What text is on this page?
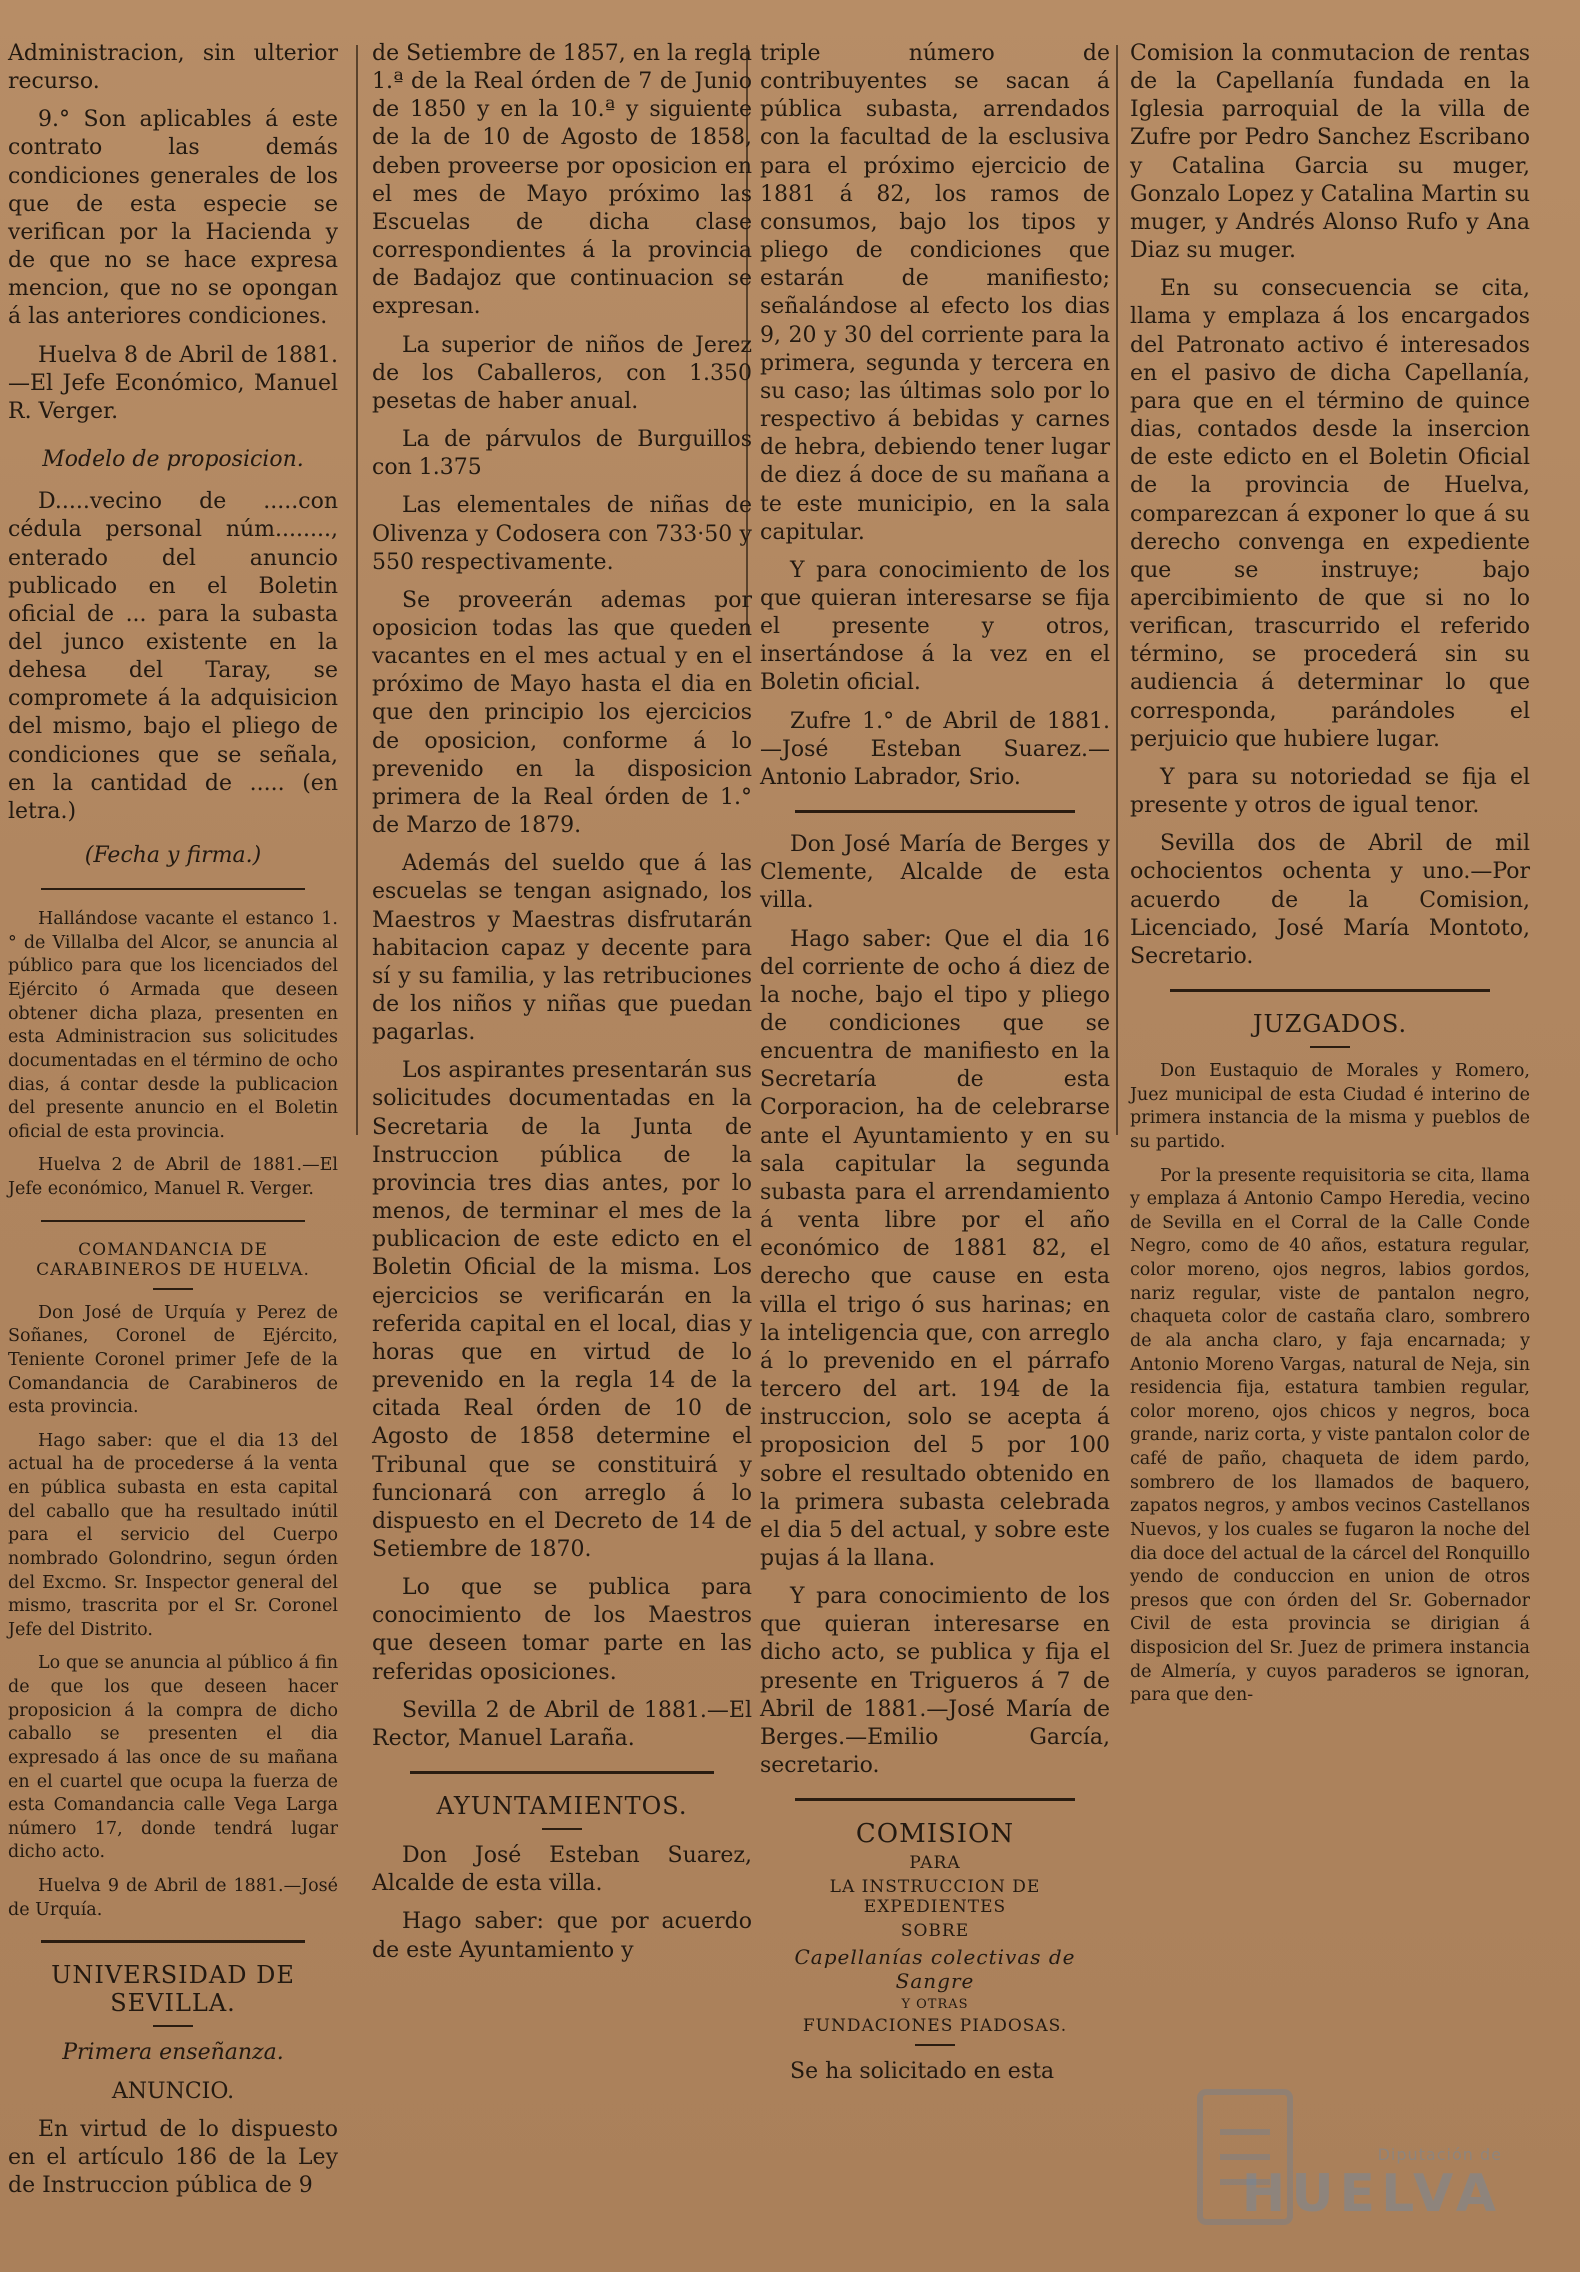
Administracion, sin ulterior recurso.

9.° Son aplicables á este contrato las demás condiciones generales de los que de esta especie se verifican por la Hacienda y de que no se hace expresa mencion, que no se opongan á las anteriores condiciones.

Huelva 8 de Abril de 1881.—El Jefe Económico, Manuel R. Verger.

Modelo de proposicion.

D.....vecino de .....con cédula personal núm........, enterado del anuncio publicado en el Boletin oficial de ... para la subasta del junco existente en la dehesa del Taray, se compromete á la adquisicion del mismo, bajo el pliego de condiciones que se señala, en la cantidad de ..... (en letra.)

(Fecha y firma.)

Hallándose vacante el estanco 1.° de Villalba del Alcor, se anuncia al público para que los licenciados del Ejército ó Armada que deseen obtener dicha plaza, presenten en esta Administracion sus solicitudes documentadas en el término de ocho dias, á contar desde la publicacion del presente anuncio en el Boletin oficial de esta provincia.

Huelva 2 de Abril de 1881.—El Jefe económico, Manuel R. Verger.

COMANDANCIA DE CARABINEROS DE HUELVA.

Don José de Urquía y Perez de Soñanes, Coronel de Ejército, Teniente Coronel primer Jefe de la Comandancia de Carabineros de esta provincia.

Hago saber: que el dia 13 del actual ha de procederse á la venta en pública subasta en esta capital del caballo que ha resultado inútil para el servicio del Cuerpo nombrado Golondrino, segun órden del Excmo. Sr. Inspector general del mismo, trascrita por el Sr. Coronel Jefe del Distrito.

Lo que se anuncia al público á fin de que los que deseen hacer proposicion á la compra de dicho caballo se presenten el dia expresado á las once de su mañana en el cuartel que ocupa la fuerza de esta Comandancia calle Vega Larga número 17, donde tendrá lugar dicho acto.

Huelva 9 de Abril de 1881.—José de Urquía.

UNIVERSIDAD DE SEVILLA.

Primera enseñanza.

ANUNCIO.

En virtud de lo dispuesto en el artículo 186 de la Ley de Instruccion pública de 9

de Setiembre de 1857, en la regla 1.ª de la Real órden de 7 de Junio de 1850 y en la 10.ª y siguiente de la de 10 de Agosto de 1858, deben proveerse por oposicion en el mes de Mayo próximo las Escuelas de dicha clase correspondientes á la provincia de Badajoz que continuacion se expresan.

La superior de niños de Jerez de los Caballeros, con 1.350 pesetas de haber anual.

La de párvulos de Burguillos con 1.375

Las elementales de niñas de Olivenza y Codosera con 733·50 y 550 respectivamente.

Se proveerán ademas por oposicion todas las que queden vacantes en el mes actual y en el próximo de Mayo hasta el dia en que den principio los ejercicios de oposicion, conforme á lo prevenido en la disposicion primera de la Real órden de 1.° de Marzo de 1879.

Además del sueldo que á las escuelas se tengan asignado, los Maestros y Maestras disfrutarán habitacion capaz y decente para sí y su familia, y las retribuciones de los niños y niñas que puedan pagarlas.

Los aspirantes presentarán sus solicitudes documentadas en la Secretaria de la Junta de Instruccion pública de la provincia tres dias antes, por lo menos, de terminar el mes de la publicacion de este edicto en el Boletin Oficial de la misma. Los ejercicios se verificarán en la referida capital en el local, dias y horas que en virtud de lo prevenido en la regla 14 de la citada Real órden de 10 de Agosto de 1858 determine el Tribunal que se constituirá y funcionará con arreglo á lo dispuesto en el Decreto de 14 de Setiembre de 1870.

Lo que se publica para conocimiento de los Maestros que deseen tomar parte en las referidas oposiciones.

Sevilla 2 de Abril de 1881.—El Rector, Manuel Laraña.

AYUNTAMIENTOS.

Don José Esteban Suarez, Alcalde de esta villa.

Hago saber: que por acuerdo de este Ayuntamiento y

triple número de contribuyentes se sacan á pública subasta, arrendados con la facultad de la esclusiva para el próximo ejercicio de 1881 á 82, los ramos de consumos, bajo los tipos y pliego de condiciones que estarán de manifiesto; señalándose al efecto los dias 9, 20 y 30 del corriente para la primera, segunda y tercera en su caso; las últimas solo por lo respectivo á bebidas y carnes de hebra, debiendo tener lugar de diez á doce de su mañana a te este municipio, en la sala capitular.

Y para conocimiento de los que quieran interesarse se fija el presente y otros, insertándose á la vez en el Boletin oficial.

Zufre 1.° de Abril de 1881.—José Esteban Suarez.—Antonio Labrador, Srio.

Don José María de Berges y Clemente, Alcalde de esta villa.

Hago saber: Que el dia 16 del corriente de ocho á diez de la noche, bajo el tipo y pliego de condiciones que se encuentra de manifiesto en la Secretaría de esta Corporacion, ha de celebrarse ante el Ayuntamiento y en su sala capitular la segunda subasta para el arrendamiento á venta libre por el año económico de 1881 82, el derecho que cause en esta villa el trigo ó sus harinas; en la inteligencia que, con arreglo á lo prevenido en el párrafo tercero del art. 194 de la instruccion, solo se acepta á proposicion del 5 por 100 sobre el resultado obtenido en la primera subasta celebrada el dia 5 del actual, y sobre este pujas á la llana.

Y para conocimiento de los que quieran interesarse en dicho acto, se publica y fija el presente en Trigueros á 7 de Abril de 1881.—José María de Berges.—Emilio García, secretario.

COMISION
PARA
LA INSTRUCCION DE EXPEDIENTES
SOBRE
Capellanías colectivas de Sangre
Y OTRAS
FUNDACIONES PIADOSAS.

Se ha solicitado en esta

Comision la conmutacion de rentas de la Capellanía fundada en la Iglesia parroquial de la villa de Zufre por Pedro Sanchez Escribano y Catalina Garcia su muger, Gonzalo Lopez y Catalina Martin su muger, y Andrés Alonso Rufo y Ana Diaz su muger.

En su consecuencia se cita, llama y emplaza á los encargados del Patronato activo é interesados en el pasivo de dicha Capellanía, para que en el término de quince dias, contados desde la insercion de este edicto en el Boletin Oficial de la provincia de Huelva, comparezcan á exponer lo que á su derecho convenga en expediente que se instruye; bajo apercibimiento de que si no lo verifican, trascurrido el referido término, se procederá sin su audiencia á determinar lo que corresponda, parándoles el perjuicio que hubiere lugar.

Y para su notoriedad se fija el presente y otros de igual tenor.

Sevilla dos de Abril de mil ochocientos ochenta y uno.—Por acuerdo de la Comision, Licenciado, José María Montoto, Secretario.

JUZGADOS.

Don Eustaquio de Morales y Romero, Juez municipal de esta Ciudad é interino de primera instancia de la misma y pueblos de su partido.

Por la presente requisitoria se cita, llama y emplaza á Antonio Campo Heredia, vecino de Sevilla en el Corral de la Calle Conde Negro, como de 40 años, estatura regular, color moreno, ojos negros, labios gordos, nariz regular, viste de pantalon negro, chaqueta color de castaña claro, sombrero de ala ancha claro, y faja encarnada; y Antonio Moreno Vargas, natural de Neja, sin residencia fija, estatura tambien regular, color moreno, ojos chicos y negros, boca grande, nariz corta, y viste pantalon color de café de paño, chaqueta de idem pardo, sombrero de los llamados de baquero, zapatos negros, y ambos vecinos Castellanos Nuevos, y los cuales se fugaron la noche del dia doce del actual de la cárcel del Ronquillo yendo de conduccion en union de otros presos que con órden del Sr. Gobernador Civil de esta provincia se dirigian á disposicion del Sr. Juez de primera instancia de Almería, y cuyos paraderos se ignoran, para que den-

Diputación de
HUELVA
